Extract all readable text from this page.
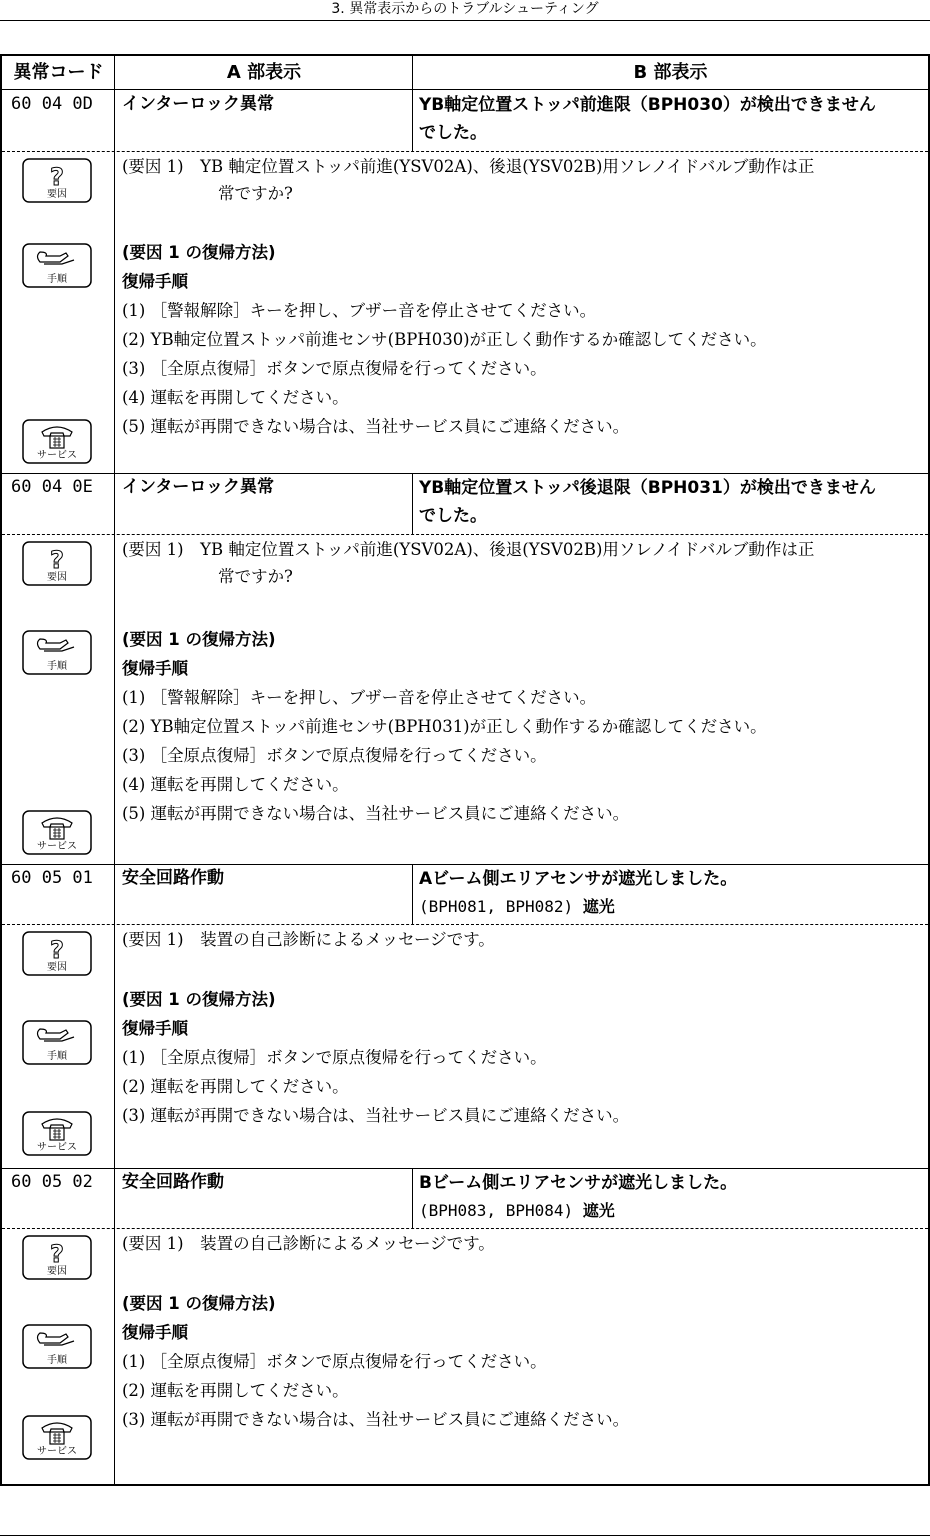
3. 異常表示からのトラブルシューティング
異常コード	A 部表示	B 部表示
60 04 0D インターロック異常	YB軸定位置ストッパ前進限（BPH030）が検出できません
でした。
?
要因
手順
サービス
(要因 1)　YB 軸定位置ストッパ前進(YSV02A)、後退(YSV02B)用ソレノイドバルブ動作は正
常ですか?
(要因 1 の復帰方法)
復帰手順
(1) ［警報解除］キーを押し、ブザー音を停止させてください。
(2) YB軸定位置ストッパ前進センサ(BPH030)が正しく動作するか確認してください。
(3) ［全原点復帰］ボタンで原点復帰を行ってください。
(4) 運転を再開してください。
(5) 運転が再開できない場合は、当社サービス員にご連絡ください。
60 04 0E インターロック異常	YB軸定位置ストッパ後退限（BPH031）が検出できません
でした。
?
要因
手順
サービス
(要因 1)　YB 軸定位置ストッパ前進(YSV02A)、後退(YSV02B)用ソレノイドバルブ動作は正
常ですか?
(要因 1 の復帰方法)
復帰手順
(1) ［警報解除］キーを押し、ブザー音を停止させてください。
(2) YB軸定位置ストッパ前進センサ(BPH031)が正しく動作するか確認してください。
(3) ［全原点復帰］ボタンで原点復帰を行ってください。
(4) 運転を再開してください。
(5) 運転が再開できない場合は、当社サービス員にご連絡ください。
60 05 01 安全回路作動	Aビーム側エリアセンサが遮光しました。
(BPH081, BPH082) 遮光
?
要因
手順
サービス
(要因 1)　装置の自己診断によるメッセージです。
(要因 1 の復帰方法)
復帰手順
(1) ［全原点復帰］ボタンで原点復帰を行ってください。
(2) 運転を再開してください。
(3) 運転が再開できない場合は、当社サービス員にご連絡ください。
60 05 02 安全回路作動	Bビーム側エリアセンサが遮光しました。
(BPH083, BPH084) 遮光
?
要因
手順
サービス
(要因 1)　装置の自己診断によるメッセージです。
(要因 1 の復帰方法)
復帰手順
(1) ［全原点復帰］ボタンで原点復帰を行ってください。
(2) 運転を再開してください。
(3) 運転が再開できない場合は、当社サービス員にご連絡ください。
